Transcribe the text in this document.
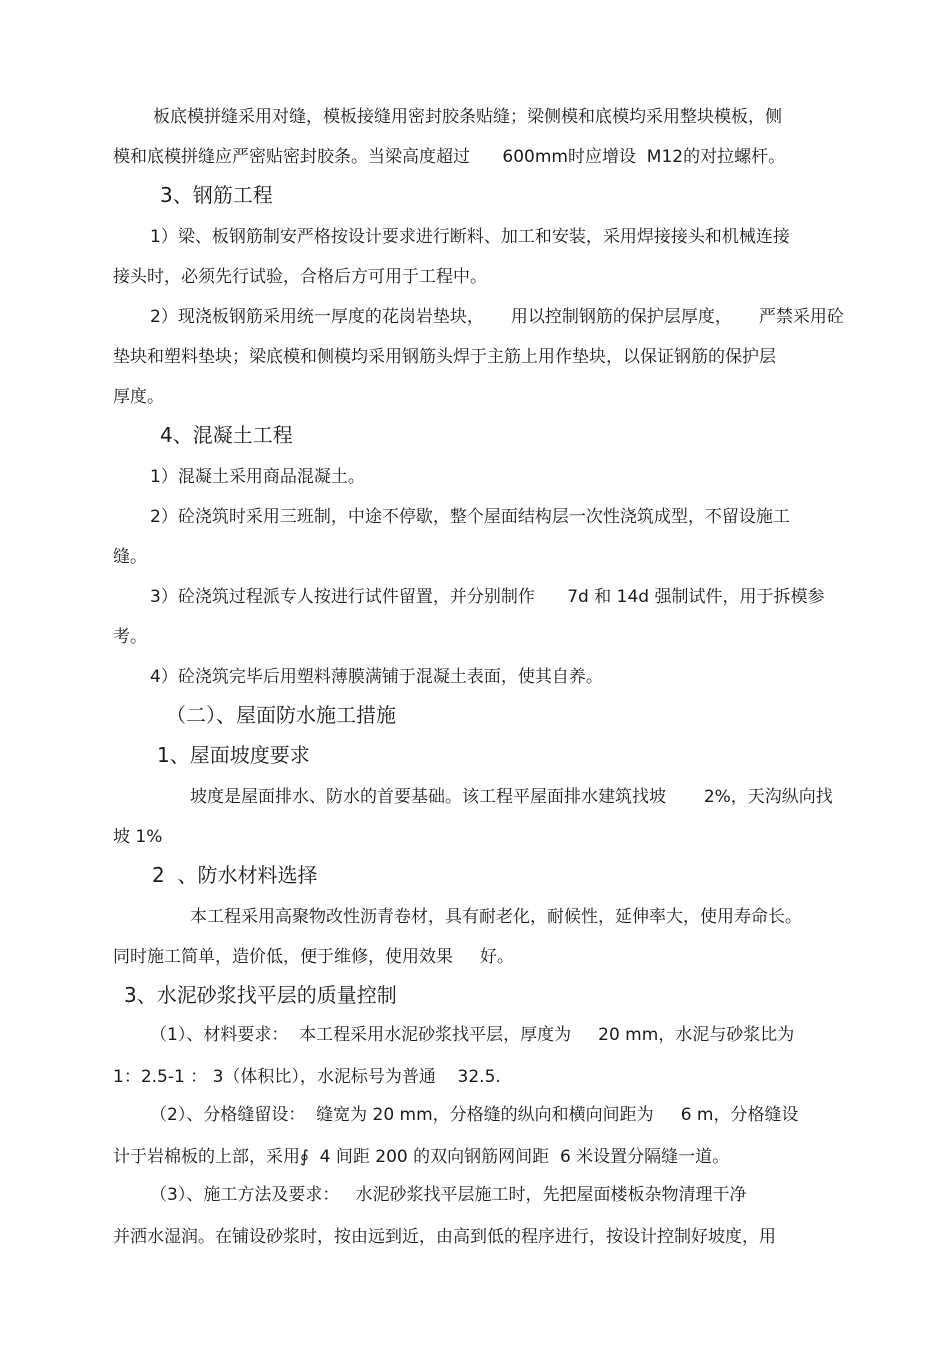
板底模拼缝采用对缝，模板接缝用密封胶条贴缝；梁侧模和底模均采用整块模板，侧
模和底模拼缝应严密贴密封胶条。当梁高度超过      600mm时应增设  M12的对拉螺杆。
3、钢筋工程
1）梁、板钢筋制安严格按设计要求进行断料、加工和安装，采用焊接接头和机械连接
接头时，必须先行试验，合格后方可用于工程中。
2）现浇板钢筋采用统一厚度的花岗岩垫块，     用以控制钢筋的保护层厚度，     严禁采用砼
垫块和塑料垫块；梁底模和侧模均采用钢筋头焊于主筋上用作垫块，以保证钢筋的保护层
厚度。
4、混凝土工程
1）混凝土采用商品混凝土。
2）砼浇筑时采用三班制，中途不停歇，整个屋面结构层一次性浇筑成型，不留设施工
缝。
3）砼浇筑过程派专人按进行试件留置，并分别制作      7d 和 14d 强制试件，用于拆模参
考。
4）砼浇筑完毕后用塑料薄膜满铺于混凝土表面，使其自养。
（二）、屋面防水施工措施
1、屋面坡度要求
坡度是屋面排水、防水的首要基础。该工程平屋面排水建筑找坡       2%，天沟纵向找
坡 1%
2  、防水材料选择
本工程采用高聚物改性沥青卷材，具有耐老化，耐候性，延伸率大，使用寿命长。
同时施工简单，造价低，便于维修，使用效果     好。
3、水泥砂浆找平层的质量控制
（1）、材料要求：  本工程采用水泥砂浆找平层，厚度为     20 mm，水泥与砂浆比为
1：2.5-1 ： 3（体积比），水泥标号为普通    32.5.
（2）、分格缝留设：  缝宽为 20 mm，分格缝的纵向和横向间距为     6 m，分格缝设
计于岩棉板的上部，采用∮  4 间距 200 的双向钢筋网间距  6 米设置分隔缝一道。
（3）、施工方法及要求：   水泥砂浆找平层施工时，先把屋面楼板杂物清理干净
并洒水湿润。在铺设砂浆时，按由远到近，由高到低的程序进行，按设计控制好坡度，用
